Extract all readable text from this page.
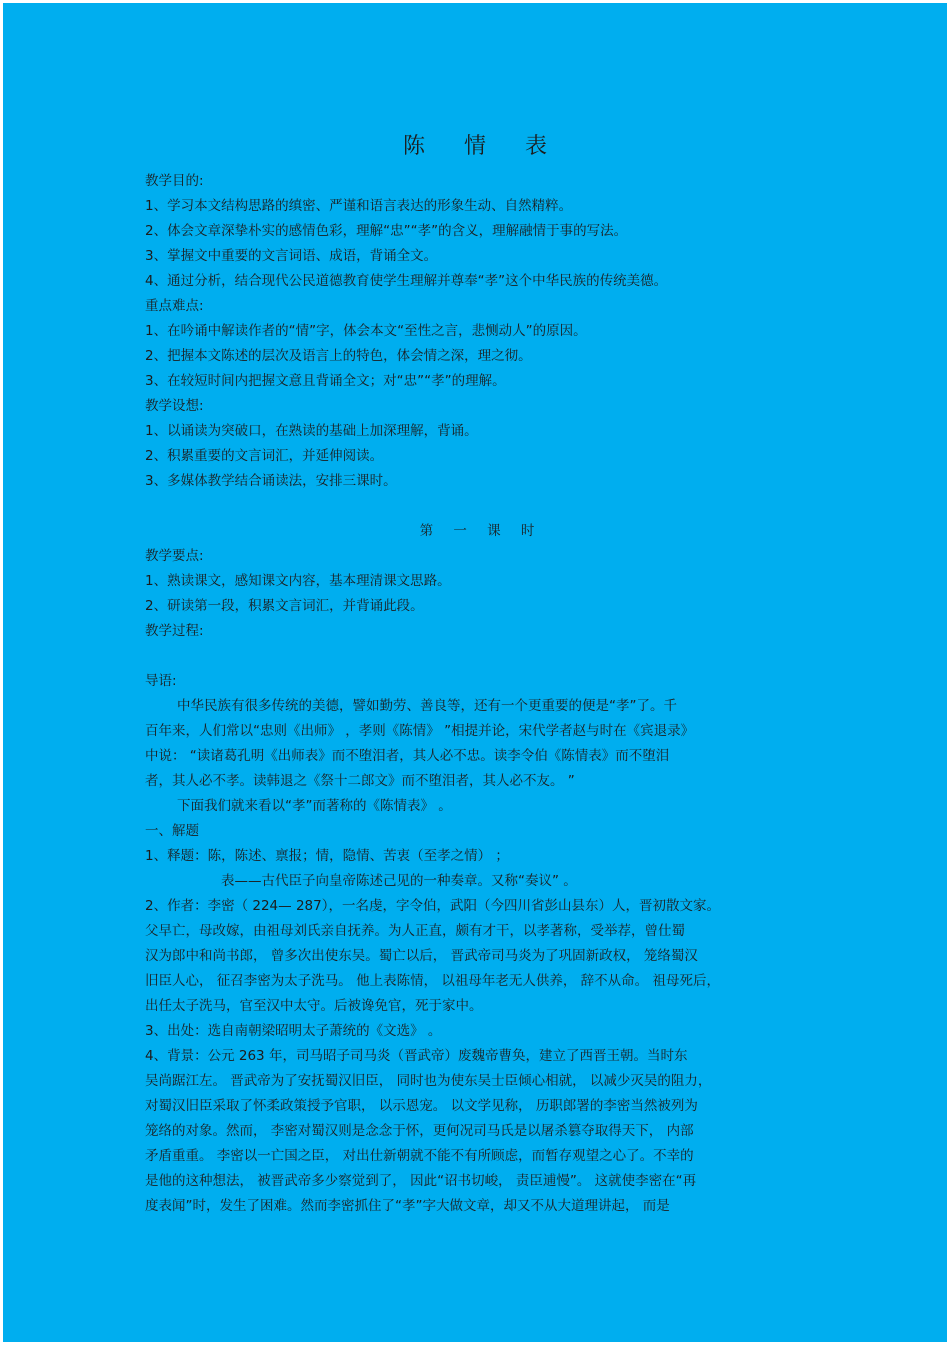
陈 情 表
教学目的:
1、学习本文结构思路的缜密、严谨和语言表达的形象生动、自然精粹。
2、体会文章深挚朴实的感情色彩，理解“忠”“孝”的含义，理解融情于事的写法。
3、掌握文中重要的文言词语、成语，背诵全文。
4、通过分析，结合现代公民道德教育使学生理解并尊奉“孝”这个中华民族的传统美德。
重点难点:
1、在吟诵中解读作者的“情”字，体会本文“至性之言，悲恻动人”的原因。
2、把握本文陈述的层次及语言上的特色，体会情之深，理之彻。
3、在较短时间内把握文意且背诵全文；对“忠”“孝”的理解。
教学设想:
1、以诵读为突破口，在熟读的基础上加深理解，背诵。
2、积累重要的文言词汇，并延伸阅读。
3、多媒体教学结合诵读法，安排三课时。
第 一 课 时
教学要点:
1、熟读课文，感知课文内容，基本理清课文思路。
2、研读第一段，积累文言词汇，并背诵此段。
教学过程:
导语:
中华民族有很多传统的美德，譬如勤劳、善良等，还有一个更重要的便是“孝”了。千
百年来，人们常以“忠则《出师》 ，孝则《陈情》 ”相提并论，宋代学者赵与时在《宾退录》
中说： “读诸葛孔明《出师表》而不堕泪者，其人必不忠。读李令伯《陈情表》而不堕泪
者，其人必不孝。读韩退之《祭十二郎文》而不堕泪者，其人必不友。 ”
下面我们就来看以“孝”而著称的《陈情表》 。
一、解题
1、释题：陈，陈述、禀报；情，隐情、苦衷（至孝之情） ；
表——古代臣子向皇帝陈述己见的一种奏章。又称“奏议” 。
2、作者：李密（ 224— 287），一名虔，字令伯，武阳（今四川省彭山县东）人，晋初散文家。
父早亡，母改嫁，由祖母刘氏亲自抚养。为人正直，颇有才干，以孝著称，受举荐，曾仕蜀
汉为郎中和尚书郎， 曾多次出使东吴。蜀亡以后， 晋武帝司马炎为了巩固新政权， 笼络蜀汉
旧臣人心， 征召李密为太子洗马。 他上表陈情， 以祖母年老无人供养， 辞不从命。 祖母死后，
出任太子洗马，官至汉中太守。后被谗免官，死于家中。
3、出处：选自南朝梁昭明太子萧统的《文选》 。
4、背景：公元 263 年，司马昭子司马炎（晋武帝）废魏帝曹奂，建立了西晋王朝。当时东
吴尚踞江左。 晋武帝为了安抚蜀汉旧臣， 同时也为使东吴士臣倾心相就， 以减少灭吴的阻力，
对蜀汉旧臣采取了怀柔政策授予官职， 以示恩宠。 以文学见称， 历职郎署的李密当然被列为
笼络的对象。然而， 李密对蜀汉则是念念于怀，更何况司马氏是以屠杀篡夺取得天下， 内部
矛盾重重。 李密以一亡国之臣， 对出仕新朝就不能不有所顾虑，而暂存观望之心了。不幸的
是他的这种想法， 被晋武帝多少察觉到了， 因此“诏书切峻， 责臣逋慢”。 这就使李密在“再
度表闻”时，发生了困难。然而李密抓住了“孝”字大做文章，却又不从大道理讲起， 而是
